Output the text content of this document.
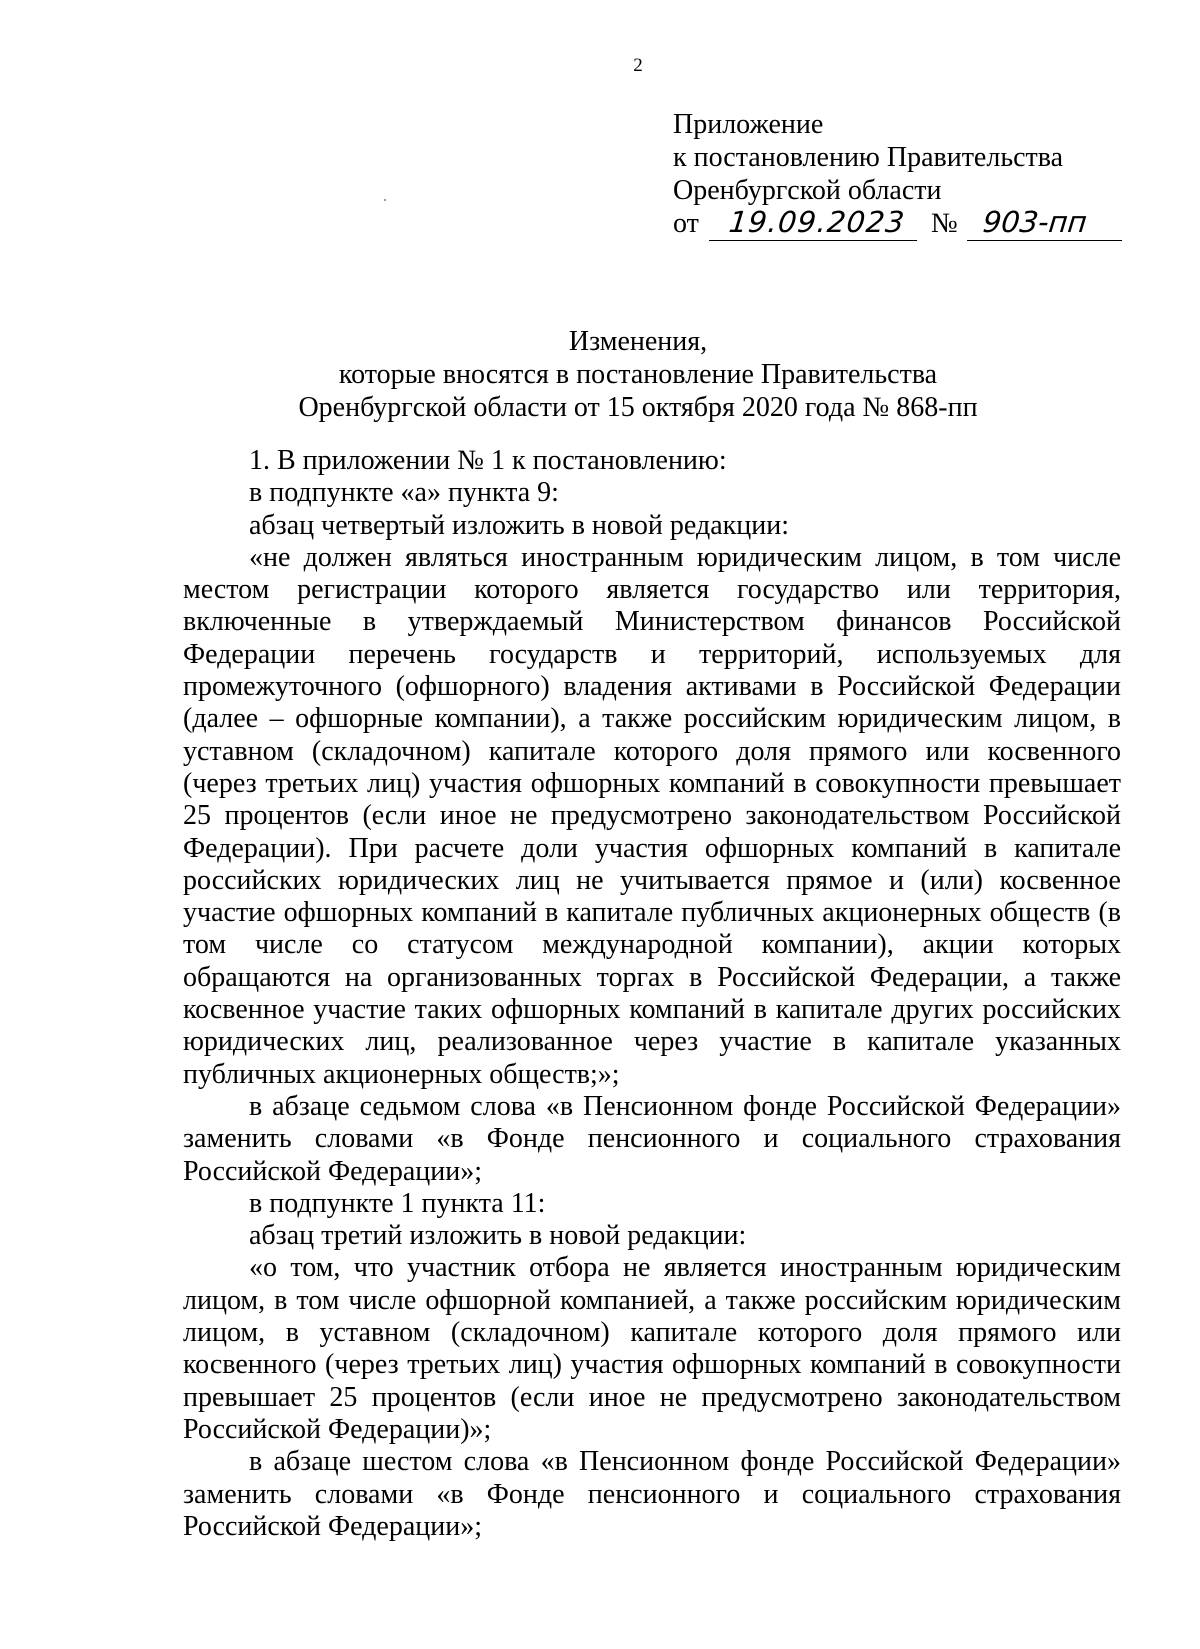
2
Приложение
к постановлению Правительства
Оренбургской области
от 19.09.2023 № 903-пп
Изменения,
которые вносятся в постановление Правительства
Оренбургской области от 15 октября 2020 года № 868-пп

1. В приложении № 1 к постановлению:

в подпункте «а» пункта 9:

абзац четвертый изложить в новой редакции:

«не должен являться иностранным юридическим лицом, в том числе местом регистрации которого является государство или территория, включенные в утверждаемый Министерством финансов Российской Федерации перечень государств и территорий, используемых для промежуточного (офшорного) владения активами в Российской Федерации (далее – офшорные компании), а также российским юридическим лицом, в уставном (складочном) капитале которого доля прямого или косвенного (через третьих лиц) участия офшорных компаний в совокупности превышает 25 процентов (если иное не предусмотрено законодательством Российской Федерации). При расчете доли участия офшорных компаний в капитале российских юридических лиц не учитывается прямое и (или) косвенное участие офшорных компаний в капитале публичных акционерных обществ (в том числе со статусом международной компании), акции которых обращаются на организованных торгах в Российской Федерации, а также косвенное участие таких офшорных компаний в капитале других российских юридических лиц, реализованное через участие в капитале указанных публичных акционерных обществ;»;

в абзаце седьмом слова «в Пенсионном фонде Российской Федерации» заменить словами «в Фонде пенсионного и социального страхования Российской Федерации»;

в подпункте 1 пункта 11:

абзац третий изложить в новой редакции:

«о том, что участник отбора не является иностранным юридическим лицом, в том числе офшорной компанией, а также российским юридическим лицом, в уставном (складочном) капитале которого доля прямого или косвенного (через третьих лиц) участия офшорных компаний в совокупности превышает 25 процентов (если иное не предусмотрено законодательством Российской Федерации)»;

в абзаце шестом слова «в Пенсионном фонде Российской Федерации» заменить словами «в Фонде пенсионного и социального страхования Российской Федерации»;
